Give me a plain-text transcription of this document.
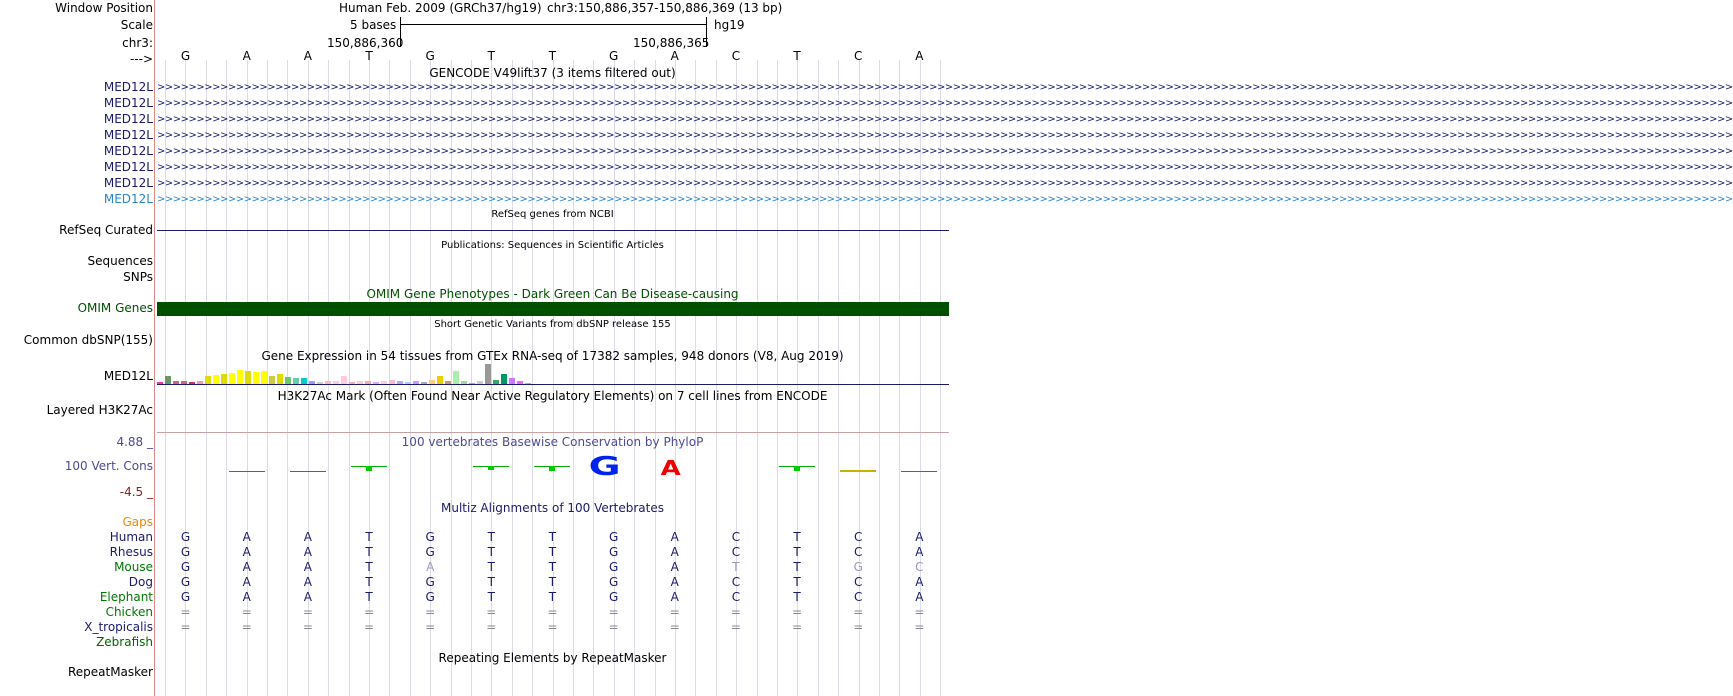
Window Position
Scale
chr3:
--->
Human Feb. 2009 (GRCh37/hg19) chr3:150,886,357-150,886,369 (13 bp)
5 bases	hg19
150,886,360	150,886,365
G	A	A	T	G	T	T	G	A	C	T	C	A
GENCODE V49lift37 (3 items filtered out)
MED12L >>>>>>>>>>>>>>>>>>>>>>>>>>>>>>>>>>>>>>>>>>>>>>>>>>>>>>>>>>>>>>>>>>>>>>>>>>>>>>>>>>>>>>>>>>>>>>>>>>>>>>>>>>>>>>>>>>>>>>>>>>>>>>>>>>>>>>>>>>>>>>>>>>>>>>>>>>>>>>>>>>>>>>>>>>>>>>>>>>>>>>>>>>>>>>>>>>>>>>>>
MED12L >>>>>>>>>>>>>>>>>>>>>>>>>>>>>>>>>>>>>>>>>>>>>>>>>>>>>>>>>>>>>>>>>>>>>>>>>>>>>>>>>>>>>>>>>>>>>>>>>>>>>>>>>>>>>>>>>>>>>>>>>>>>>>>>>>>>>>>>>>>>>>>>>>>>>>>>>>>>>>>>>>>>>>>>>>>>>>>>>>>>>>>>>>>>>>>>>>>>>>>>
MED12L >>>>>>>>>>>>>>>>>>>>>>>>>>>>>>>>>>>>>>>>>>>>>>>>>>>>>>>>>>>>>>>>>>>>>>>>>>>>>>>>>>>>>>>>>>>>>>>>>>>>>>>>>>>>>>>>>>>>>>>>>>>>>>>>>>>>>>>>>>>>>>>>>>>>>>>>>>>>>>>>>>>>>>>>>>>>>>>>>>>>>>>>>>>>>>>>>>>>>>>>
MED12L >>>>>>>>>>>>>>>>>>>>>>>>>>>>>>>>>>>>>>>>>>>>>>>>>>>>>>>>>>>>>>>>>>>>>>>>>>>>>>>>>>>>>>>>>>>>>>>>>>>>>>>>>>>>>>>>>>>>>>>>>>>>>>>>>>>>>>>>>>>>>>>>>>>>>>>>>>>>>>>>>>>>>>>>>>>>>>>>>>>>>>>>>>>>>>>>>>>>>>>>
MED12L >>>>>>>>>>>>>>>>>>>>>>>>>>>>>>>>>>>>>>>>>>>>>>>>>>>>>>>>>>>>>>>>>>>>>>>>>>>>>>>>>>>>>>>>>>>>>>>>>>>>>>>>>>>>>>>>>>>>>>>>>>>>>>>>>>>>>>>>>>>>>>>>>>>>>>>>>>>>>>>>>>>>>>>>>>>>>>>>>>>>>>>>>>>>>>>>>>>>>>>>
MED12L >>>>>>>>>>>>>>>>>>>>>>>>>>>>>>>>>>>>>>>>>>>>>>>>>>>>>>>>>>>>>>>>>>>>>>>>>>>>>>>>>>>>>>>>>>>>>>>>>>>>>>>>>>>>>>>>>>>>>>>>>>>>>>>>>>>>>>>>>>>>>>>>>>>>>>>>>>>>>>>>>>>>>>>>>>>>>>>>>>>>>>>>>>>>>>>>>>>>>>>>
MED12L >>>>>>>>>>>>>>>>>>>>>>>>>>>>>>>>>>>>>>>>>>>>>>>>>>>>>>>>>>>>>>>>>>>>>>>>>>>>>>>>>>>>>>>>>>>>>>>>>>>>>>>>>>>>>>>>>>>>>>>>>>>>>>>>>>>>>>>>>>>>>>>>>>>>>>>>>>>>>>>>>>>>>>>>>>>>>>>>>>>>>>>>>>>>>>>>>>>>>>>>
MED12L >>>>>>>>>>>>>>>>>>>>>>>>>>>>>>>>>>>>>>>>>>>>>>>>>>>>>>>>>>>>>>>>>>>>>>>>>>>>>>>>>>>>>>>>>>>>>>>>>>>>>>>>>>>>>>>>>>>>>>>>>>>>>>>>>>>>>>>>>>>>>>>>>>>>>>>>>>>>>>>>>>>>>>>>>>>>>>>>>>>>>>>>>>>>>>>>>>>>>>>>
RefSeq genes from NCBI
RefSeq Curated
Publications: Sequences in Scientific Articles
Sequences
SNPs
OMIM Gene Phenotypes - Dark Green Can Be Disease-causing
OMIM Genes
Short Genetic Variants from dbSNP release 155
Common dbSNP(155)
Gene Expression in 54 tissues from GTEx RNA-seq of 17382 samples, 948 donors (V8, Aug 2019)
MED12L
H3K27Ac Mark (Often Found Near Active Regulatory Elements) on 7 cell lines from ENCODE
Layered H3K27Ac
100 vertebrates Basewise Conservation by PhyloP
4.88 _
100 Vert. Cons
-4.5 _
G A
Multiz Alignments of 100 Vertebrates
Gaps
Human	G	A	A	T	G	T	T	G	A	C	T	C	A
Rhesus	G	A	A	T	G	T	T	G	A	C	T	C	A
Mouse	G	A	A	T	A	T	T	G	A	T	T	G	C
Dog	G	A	A	T	G	T	T	G	A	C	T	C	A
Elephant	G	A	A	T	G	T	T	G	A	C	T	C	A
Chicken	=	=	=	=	=	=	=	=	=	=	=	=	=
X_tropicalis	=	=	=	=	=	=	=	=	=	=	=	=	=
Zebrafish
Repeating Elements by RepeatMasker
RepeatMasker
